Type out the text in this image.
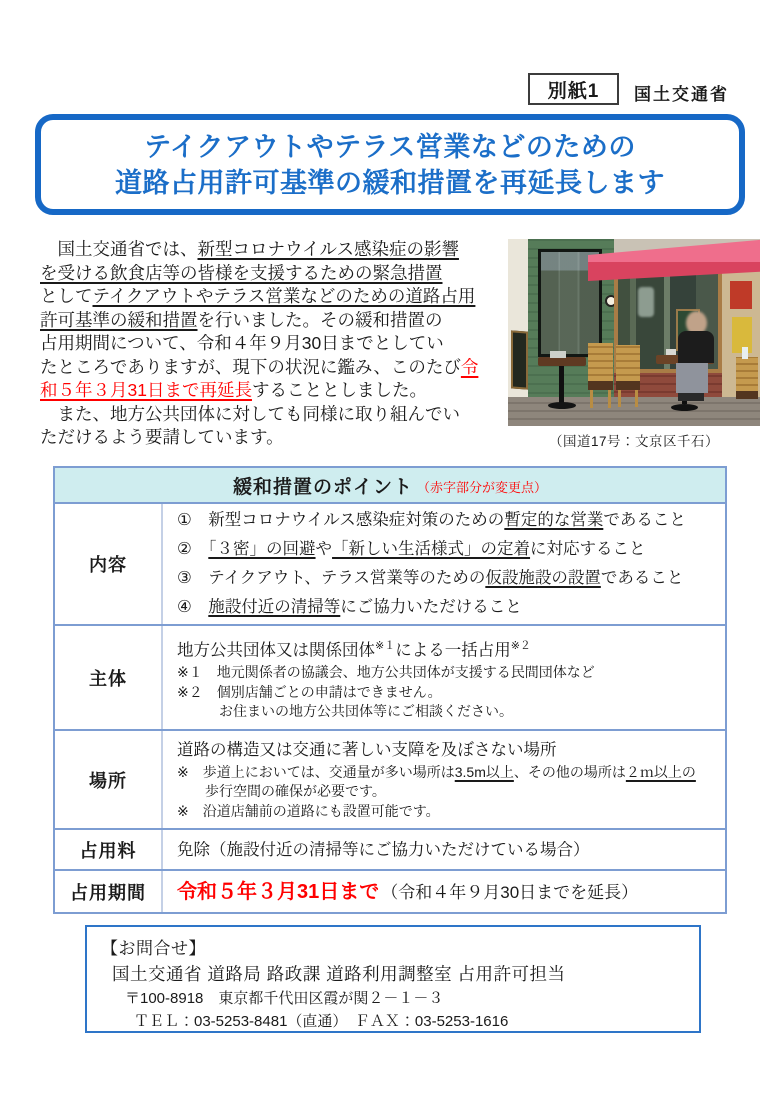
別紙1 国土交通省
テイクアウトやテラス営業などのための
道路占用許可基準の緩和措置を再延長します
　国土交通省では、新型コロナウイルス感染症の影響
を受ける飲食店等の皆様を支援するための緊急措置
としてテイクアウトやテラス営業などのための道路占用
許可基準の緩和措置を行いました。その緩和措置の
占用期間について、令和４年９月30日までとしてい
たところでありますが、現下の状況に鑑み、このたび令
和５年３月31日まで再延長することとしました。
　また、地方公共団体に対しても同様に取り組んでい
ただけるよう要請しています。	（国道17号：文京区千石）
緩和措置のポイント （赤字部分が変更点）
内容
①　新型コロナウイルス感染症対策のための暫定的な営業であること
②　「３密」の回避や「新しい生活様式」の定着に対応すること
③　テイクアウト、テラス営業等のための仮設施設の設置であること
④　施設付近の清掃等にご協力いただけること
主体
地方公共団体又は関係団体$^{※1}$による一括占用$^{※2}$
※１　地元関係者の協議会、地方公共団体が支援する民間団体など
※２　個別店舗ごとの申請はできません。
　　　お住まいの地方公共団体等にご相談ください。
場所
道路の構造又は交通に著しい支障を及ぼさない場所
※　歩道上においては、交通量が多い場所は3.5m以上、その他の場所は２ｍ以上の
　　歩行空間の確保が必要です。
※　沿道店舗前の道路にも設置可能です。
占用料	免除（施設付近の清掃等にご協力いただけている場合）
占用期間	令和５年３月31日まで （令和４年９月30日までを延長）
【お問合せ】
国土交通省 道路局 路政課 道路利用調整室 占用許可担当
〒100-8918　東京都千代田区霞が関２－１－３
ＴＥＬ：03-5253-8481（直通）　ＦＡＸ：03-5253-1616
